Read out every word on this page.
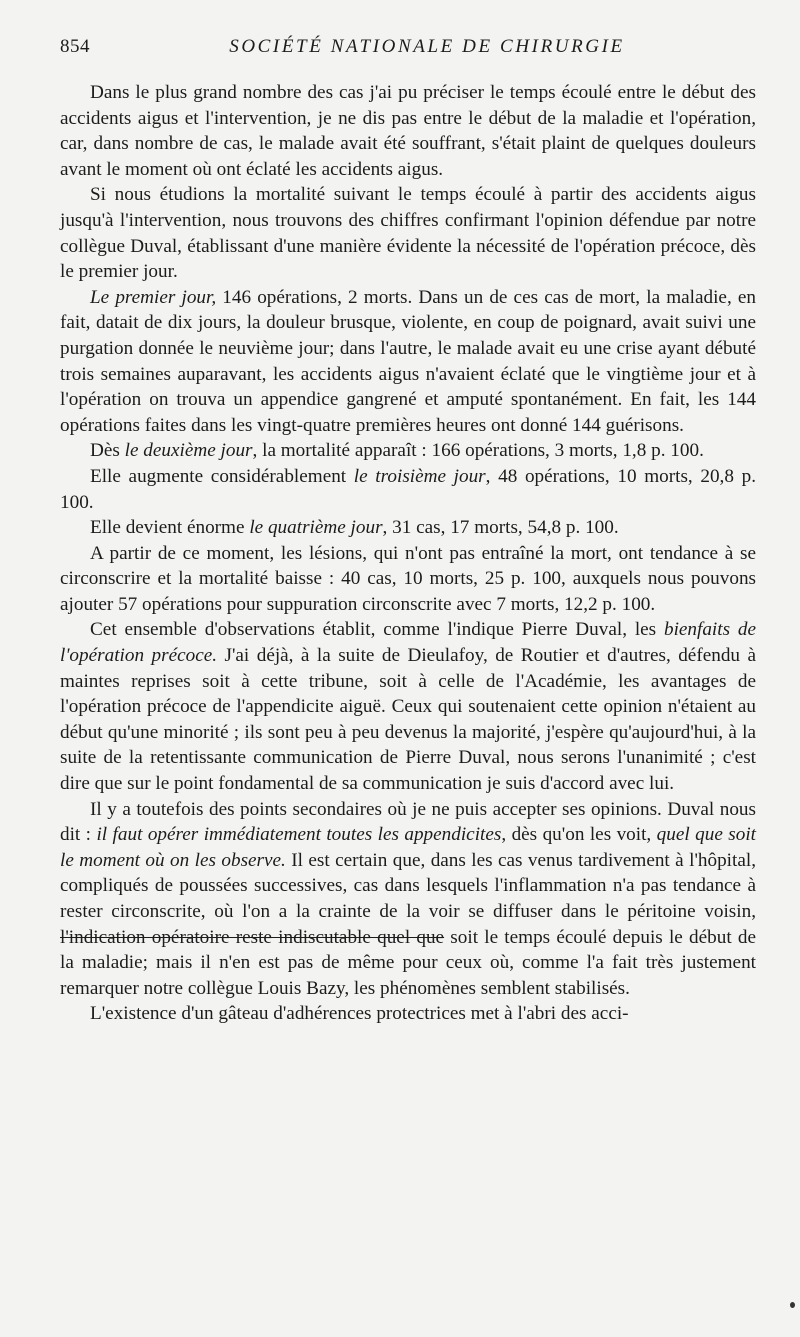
854	SOCIÉTÉ NATIONALE DE CHIRURGIE

Dans le plus grand nombre des cas j'ai pu préciser le temps écoulé entre le début des accidents aigus et l'intervention, je ne dis pas entre le début de la maladie et l'opération, car, dans nombre de cas, le malade avait été souffrant, s'était plaint de quelques douleurs avant le moment où ont éclaté les accidents aigus.

Si nous étudions la mortalité suivant le temps écoulé à partir des accidents aigus jusqu'à l'intervention, nous trouvons des chiffres confirmant l'opinion défendue par notre collègue Duval, établissant d'une manière évidente la nécessité de l'opération précoce, dès le premier jour.

Le premier jour, 146 opérations, 2 morts. Dans un de ces cas de mort, la maladie, en fait, datait de dix jours, la douleur brusque, violente, en coup de poignard, avait suivi une purgation donnée le neuvième jour; dans l'autre, le malade avait eu une crise ayant débuté trois semaines auparavant, les accidents aigus n'avaient éclaté que le vingtième jour et à l'opération on trouva un appendice gangrené et amputé spontanément. En fait, les 144 opérations faites dans les vingt-quatre premières heures ont donné 144 guérisons.

Dès le deuxième jour, la mortalité apparaît : 166 opérations, 3 morts, 1,8 p. 100.

Elle augmente considérablement le troisième jour, 48 opérations, 10 morts, 20,8 p. 100.

Elle devient énorme le quatrième jour, 31 cas, 17 morts, 54,8 p. 100.

A partir de ce moment, les lésions, qui n'ont pas entraîné la mort, ont tendance à se circonscrire et la mortalité baisse : 40 cas, 10 morts, 25 p. 100, auxquels nous pouvons ajouter 57 opérations pour suppuration circonscrite avec 7 morts, 12,2 p. 100.

Cet ensemble d'observations établit, comme l'indique Pierre Duval, les bienfaits de l'opération précoce. J'ai déjà, à la suite de Dieulafoy, de Routier et d'autres, défendu à maintes reprises soit à cette tribune, soit à celle de l'Académie, les avantages de l'opération précoce de l'appendicite aiguë. Ceux qui soutenaient cette opinion n'étaient au début qu'une minorité ; ils sont peu à peu devenus la majorité, j'espère qu'aujourd'hui, à la suite de la retentissante communication de Pierre Duval, nous serons l'unanimité ; c'est dire que sur le point fondamental de sa communication je suis d'accord avec lui.

Il y a toutefois des points secondaires où je ne puis accepter ses opinions. Duval nous dit : il faut opérer immédiatement toutes les appendicites, dès qu'on les voit, quel que soit le moment où on les observe. Il est certain que, dans les cas venus tardivement à l'hôpital, compliqués de poussées successives, cas dans lesquels l'inflammation n'a pas tendance à rester circonscrite, où l'on a la crainte de la voir se diffuser dans le péritoine voisin, l'indication opératoire reste indiscutable quel que soit le temps écoulé depuis le début de la maladie; mais il n'en est pas de même pour ceux où, comme l'a fait très justement remarquer notre collègue Louis Bazy, les phénomènes semblent stabilisés.

L'existence d'un gâteau d'adhérences protectrices met à l'abri des acci-
